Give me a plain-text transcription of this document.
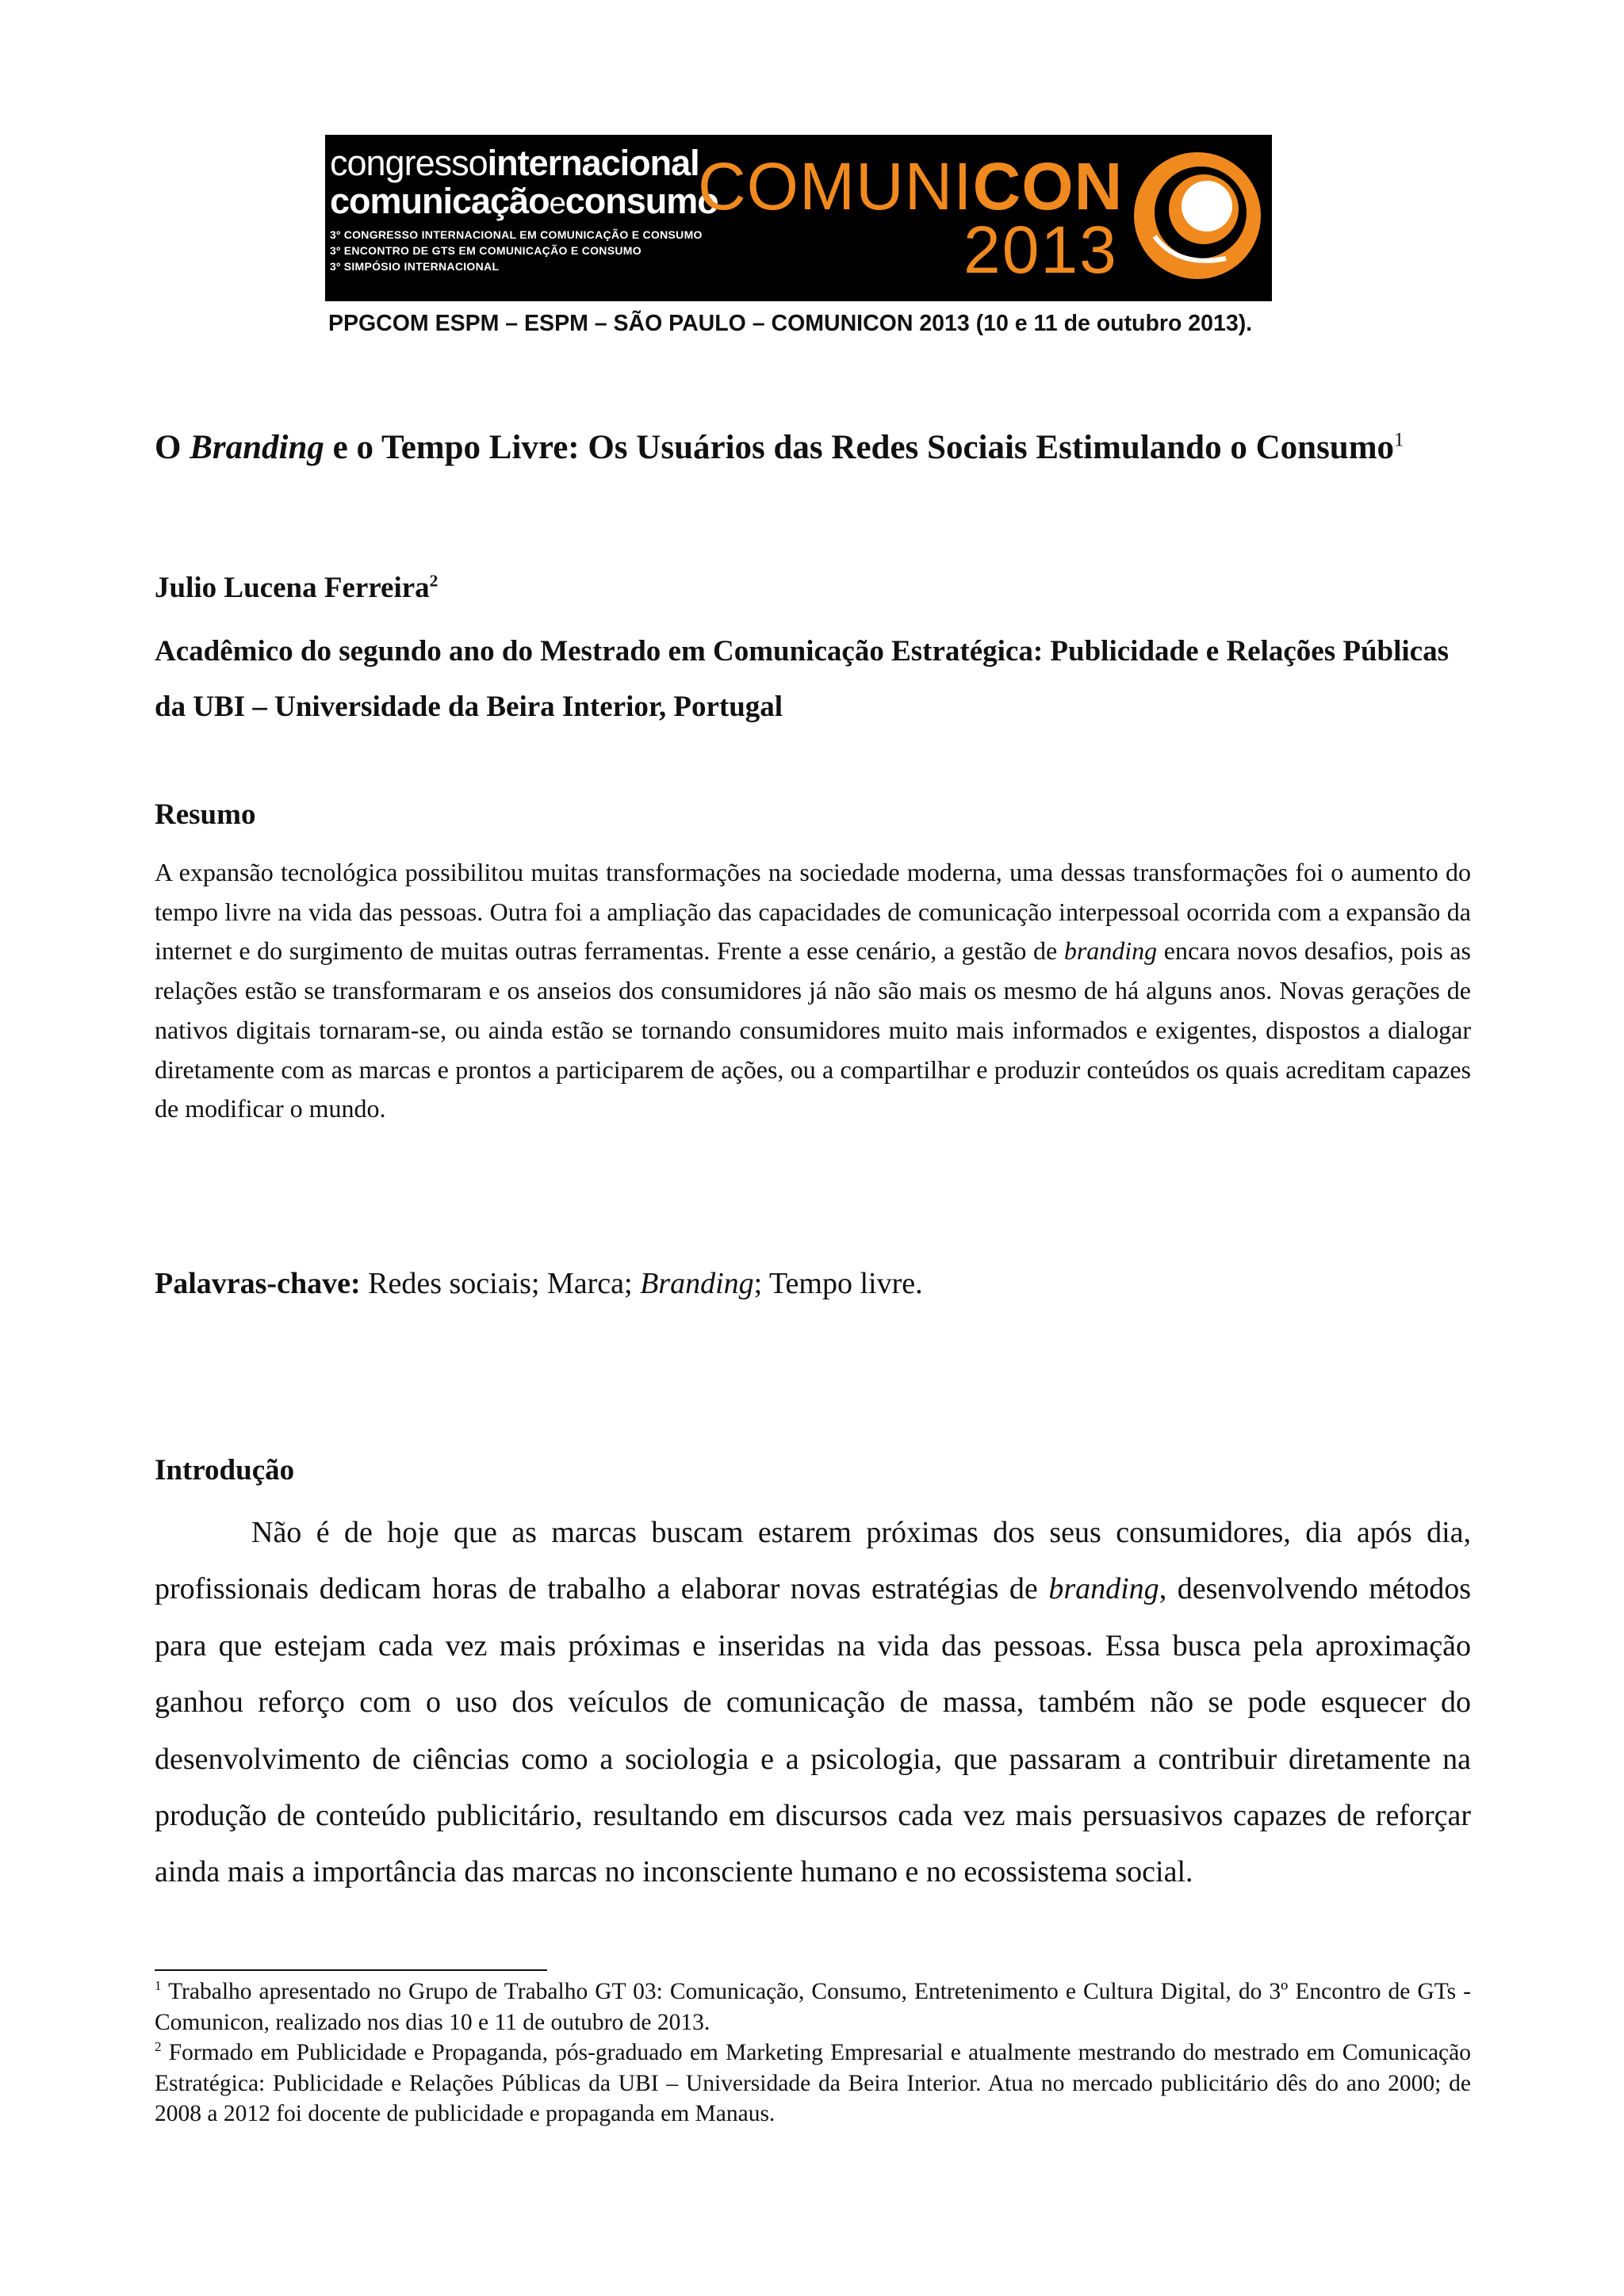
congressointernacional
comunicaçãoeconsumo
3º CONGRESSO INTERNACIONAL EM COMUNICAÇÃO E CONSUMO
3º ENCONTRO DE GTS EM COMUNICAÇÃO E CONSUMO
3º SIMPÓSIO INTERNACIONAL
COMUNICON
2013
PPGCOM ESPM – ESPM – SÃO PAULO – COMUNICON 2013 (10 e 11 de outubro 2013).
O Branding e o Tempo Livre: Os Usuários das Redes Sociais Estimulando o Consumo$^1$
Julio Lucena Ferreira$^2$
Acadêmico do segundo ano do Mestrado em Comunicação Estratégica: Publicidade e Relações Públicas da UBI – Universidade da Beira Interior, Portugal
Resumo
A expansão tecnológica possibilitou muitas transformações na sociedade moderna, uma dessas transformações foi o aumento do tempo livre na vida das pessoas. Outra foi a ampliação das capacidades de comunicação interpessoal ocorrida com a expansão da internet e do surgimento de muitas outras ferramentas. Frente a esse cenário, a gestão de branding encara novos desafios, pois as relações estão se transformaram e os anseios dos consumidores já não são mais os mesmo de há alguns anos. Novas gerações de nativos digitais tornaram-se, ou ainda estão se tornando consumidores muito mais informados e exigentes, dispostos a dialogar diretamente com as marcas e prontos a participarem de ações, ou a compartilhar e produzir conteúdos os quais acreditam capazes de modificar o mundo.
Palavras-chave: Redes sociais; Marca; Branding; Tempo livre.
Introdução
Não é de hoje que as marcas buscam estarem próximas dos seus consumidores, dia após dia, profissionais dedicam horas de trabalho a elaborar novas estratégias de branding, desenvolvendo métodos para que estejam cada vez mais próximas e inseridas na vida das pessoas. Essa busca pela aproximação ganhou reforço com o uso dos veículos de comunicação de massa, também não se pode esquecer do desenvolvimento de ciências como a sociologia e a psicologia, que passaram a contribuir diretamente na produção de conteúdo publicitário, resultando em discursos cada vez mais persuasivos capazes de reforçar ainda mais a importância das marcas no inconsciente humano e no ecossistema social.
$^1$ Trabalho apresentado no Grupo de Trabalho GT 03: Comunicação, Consumo, Entretenimento e Cultura Digital, do 3º Encontro de GTs - Comunicon, realizado nos dias 10 e 11 de outubro de 2013.
$^2$ Formado em Publicidade e Propaganda, pós-graduado em Marketing Empresarial e atualmente mestrando do mestrado em Comunicação Estratégica: Publicidade e Relações Públicas da UBI – Universidade da Beira Interior. Atua no mercado publicitário dês do ano 2000; de 2008 a 2012 foi docente de publicidade e propaganda em Manaus.
